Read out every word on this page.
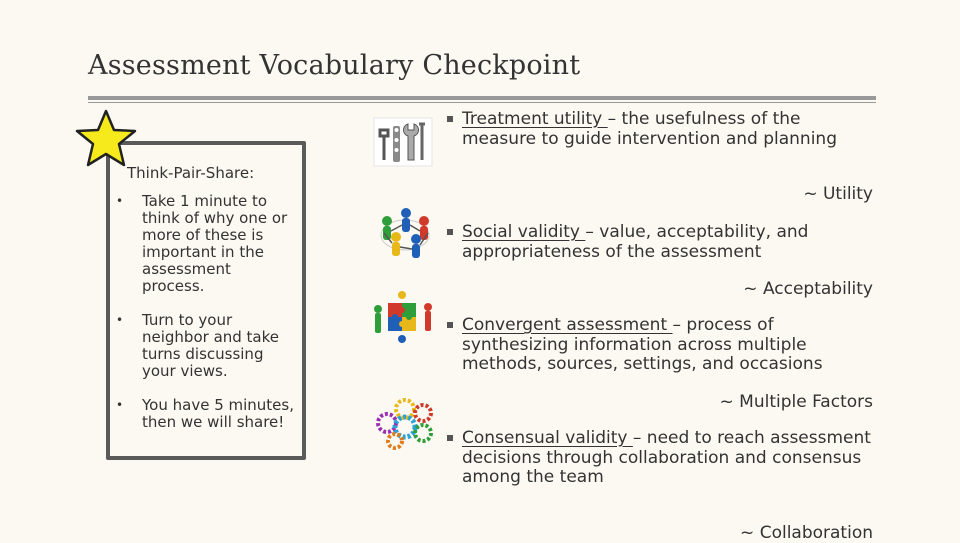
Assessment Vocabulary Checkpoint
Think-Pair-Share:
• Take 1 minute to think of why one or more of these is important in the assessment process.
• Turn to your neighbor and take turns discussing your views.
• You have 5 minutes, then we will share!
Treatment utility – the usefulness of the measure to guide intervention and planning
~ Utility
Social validity – value, acceptability, and appropriateness of the assessment
~ Acceptability
Convergent assessment – process of synthesizing information across multiple methods, sources, settings, and occasions
~ Multiple Factors
Consensual validity – need to reach assessment decisions through collaboration and consensus among the team
~ Collaboration
